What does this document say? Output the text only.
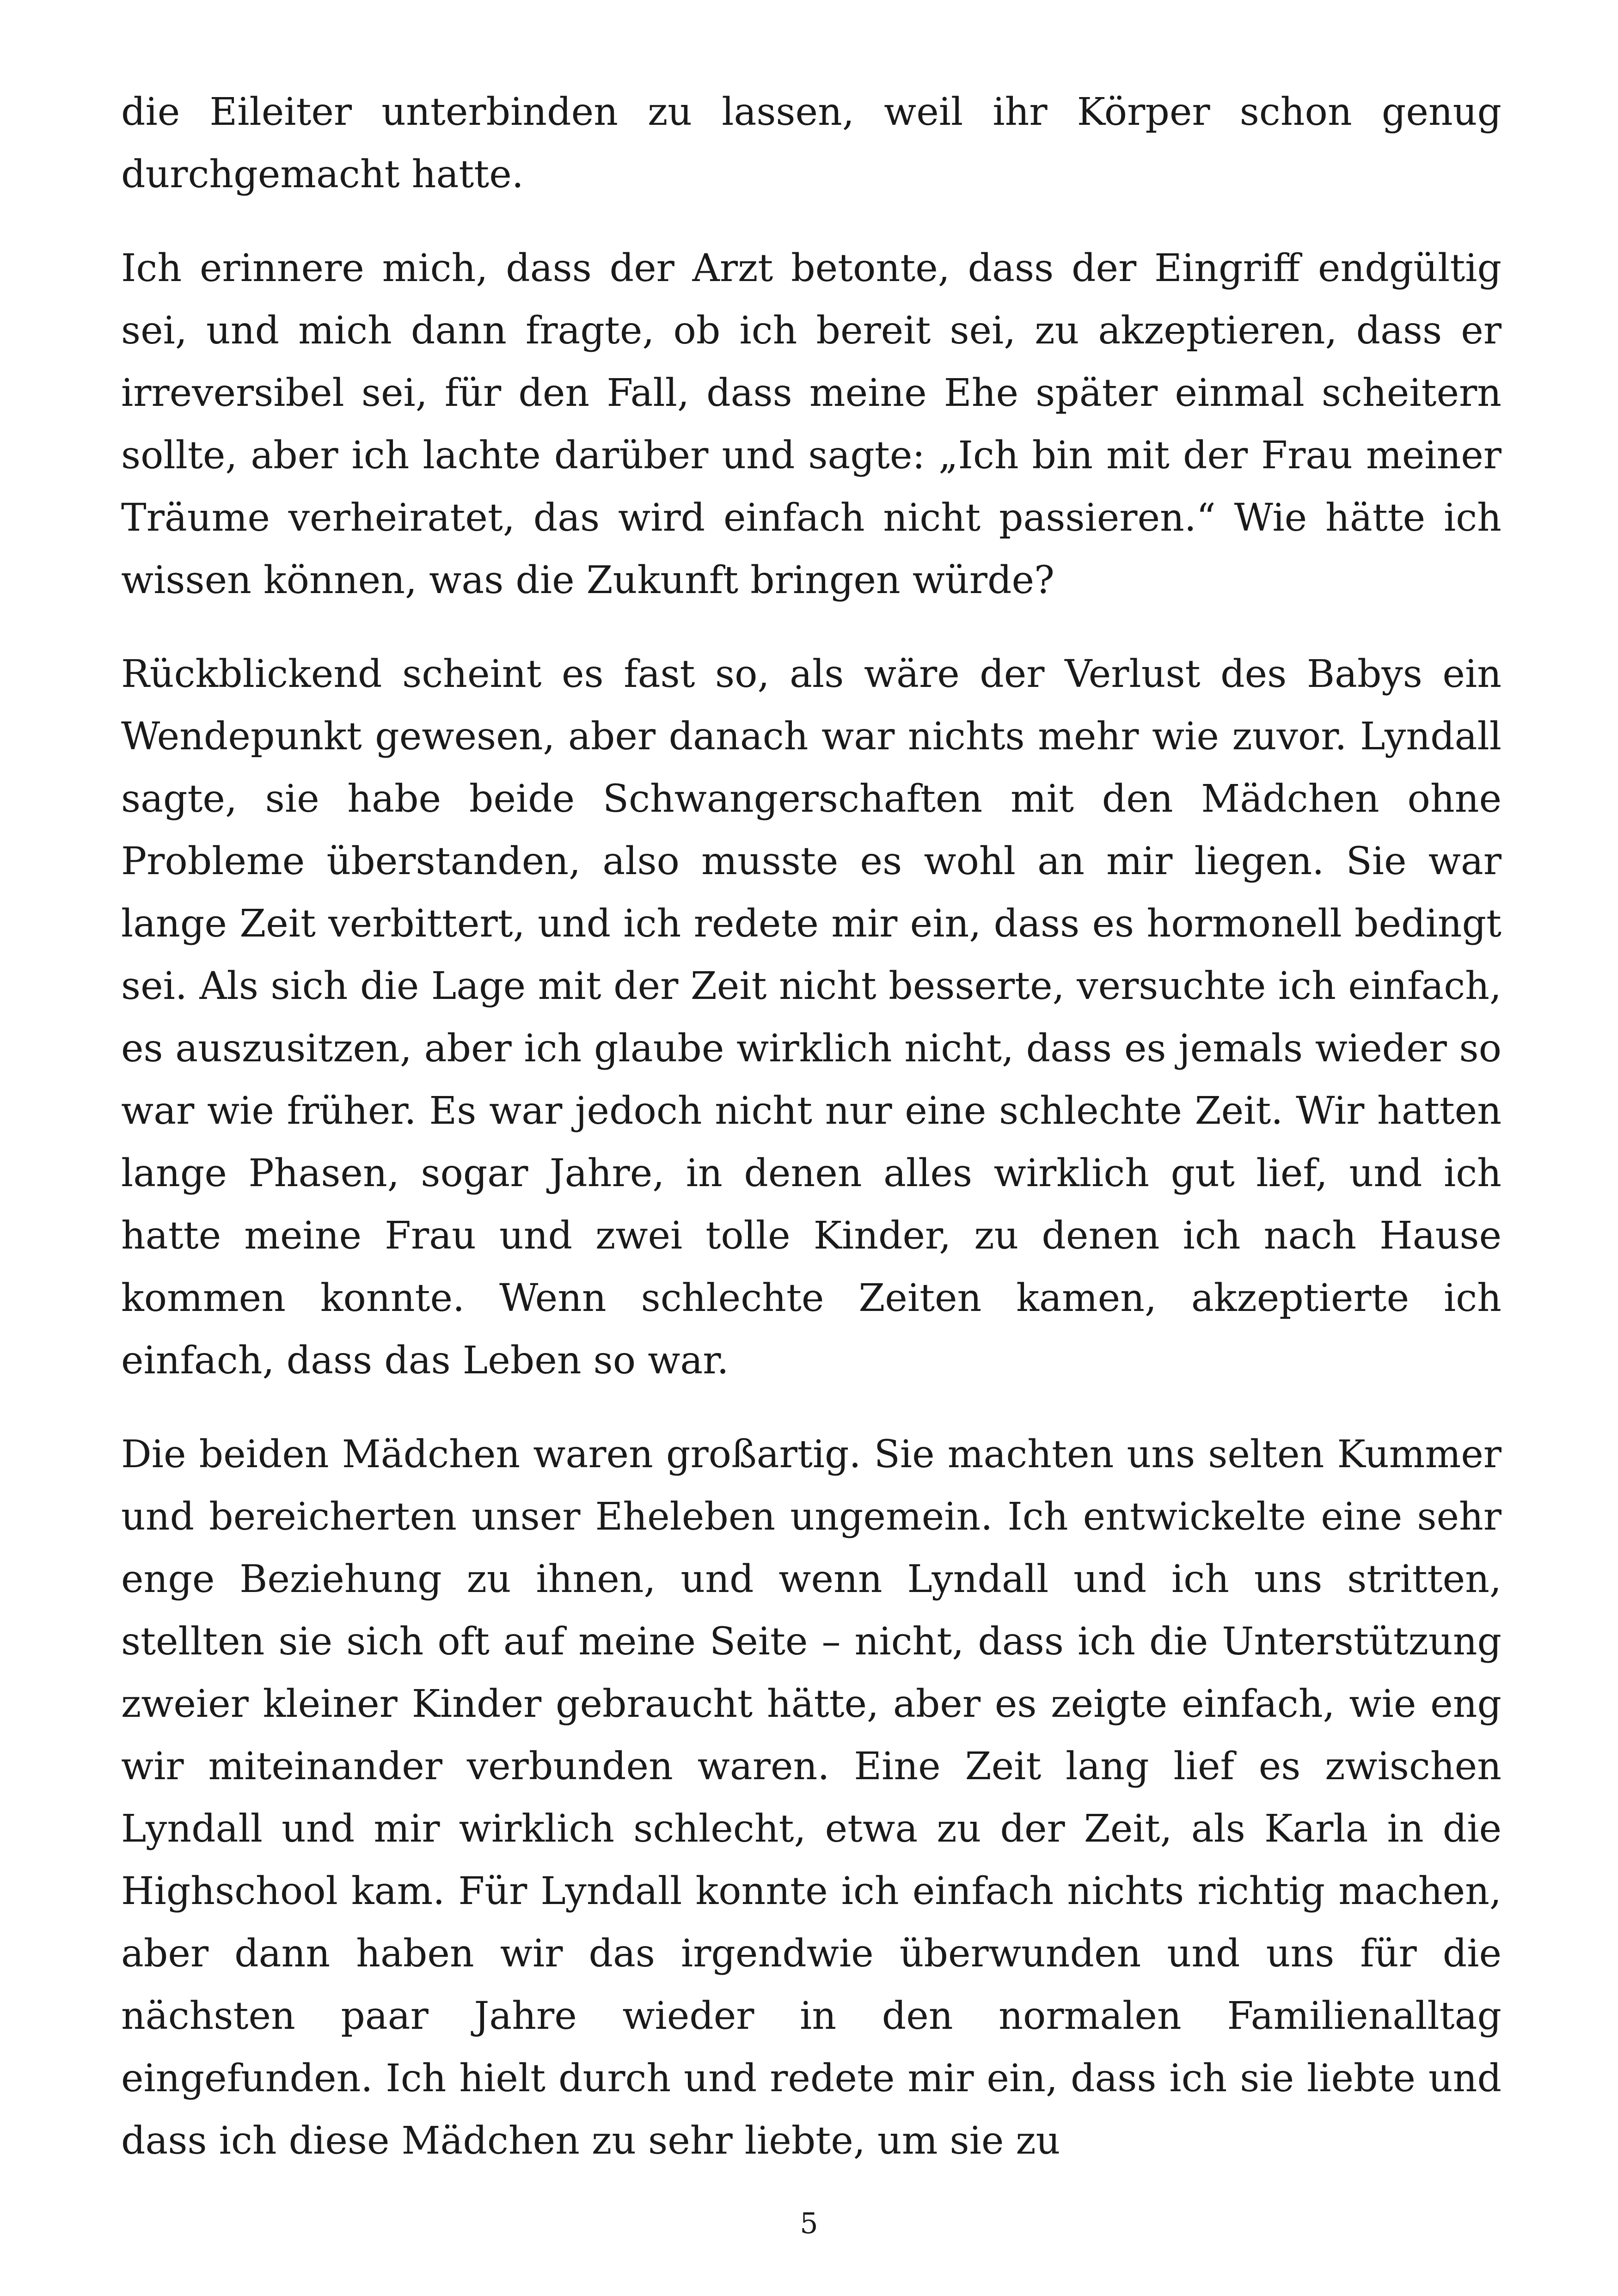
die Eileiter unterbinden zu lassen, weil ihr Körper schon genug durchgemacht hatte.

Ich erinnere mich, dass der Arzt betonte, dass der Eingriff endgültig sei, und mich dann fragte, ob ich bereit sei, zu akzeptieren, dass er irreversibel sei, für den Fall, dass meine Ehe später einmal scheitern sollte, aber ich lachte darüber und sagte: „Ich bin mit der Frau meiner Träume verheiratet, das wird einfach nicht passieren.“ Wie hätte ich wissen können, was die Zukunft bringen würde?

Rückblickend scheint es fast so, als wäre der Verlust des Babys ein Wendepunkt gewesen, aber danach war nichts mehr wie zuvor. Lyndall sagte, sie habe beide Schwangerschaften mit den Mädchen ohne Probleme überstanden, also musste es wohl an mir liegen. Sie war lange Zeit verbittert, und ich redete mir ein, dass es hormonell bedingt sei. Als sich die Lage mit der Zeit nicht besserte, versuchte ich einfach, es auszusitzen, aber ich glaube wirklich nicht, dass es jemals wieder so war wie früher. Es war jedoch nicht nur eine schlechte Zeit. Wir hatten lange Phasen, sogar Jahre, in denen alles wirklich gut lief, und ich hatte meine Frau und zwei tolle Kinder, zu denen ich nach Hause kommen konnte. Wenn schlechte Zeiten kamen, akzeptierte ich einfach, dass das Leben so war.

Die beiden Mädchen waren großartig. Sie machten uns selten Kummer und bereicherten unser Eheleben ungemein. Ich entwickelte eine sehr enge Beziehung zu ihnen, und wenn Lyndall und ich uns stritten, stellten sie sich oft auf meine Seite – nicht, dass ich die Unterstützung zweier kleiner Kinder gebraucht hätte, aber es zeigte einfach, wie eng wir miteinander verbunden waren. Eine Zeit lang lief es zwischen Lyndall und mir wirklich schlecht, etwa zu der Zeit, als Karla in die Highschool kam. Für Lyndall konnte ich einfach nichts richtig machen, aber dann haben wir das irgendwie überwunden und uns für die nächsten paar Jahre wieder in den normalen Familienalltag eingefunden. Ich hielt durch und redete mir ein, dass ich sie liebte und dass ich diese Mädchen zu sehr liebte, um sie zu

5
